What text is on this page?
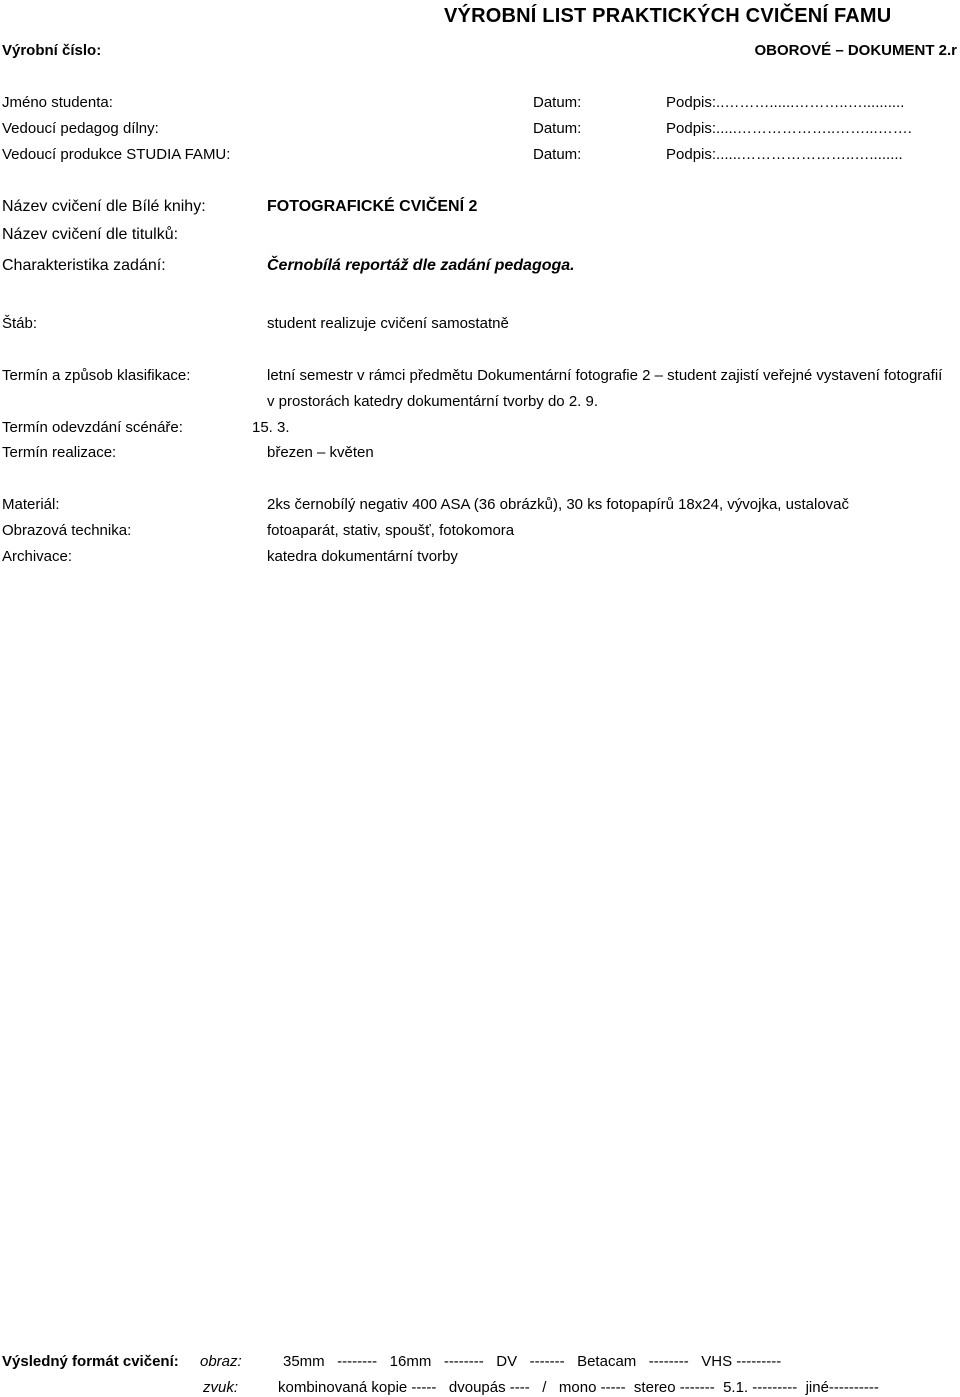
VÝROBNÍ LIST PRAKTICKÝCH CVIČENÍ FAMU
Výrobní číslo:	OBOROVÉ – DOKUMENT 2.r
Jméno studenta:	Datum:	Podpis:..………......………..…..........
Vedoucí pedagog dílny:	Datum:	Podpis:.....………………..……...…….
Vedoucí produkce STUDIA FAMU:	Datum:	Podpis:......…………………..…........
Název cvičení dle Bílé knihy:	FOTOGRAFICKÉ CVIČENÍ 2
Název cvičení dle titulků:
Charakteristika zadání:	Černobílá reportáž dle zadání pedagoga.
Štáb:	student realizuje cvičení samostatně
Termín a způsob klasifikace:	letní semestr v rámci předmětu Dokumentární fotografie 2 – student zajistí veřejné vystavení fotografií
v prostorách katedry dokumentární tvorby do 2. 9.
Termín odevzdání scénáře:	15. 3.
Termín realizace:	březen – květen
Materiál:	2ks černobílý negativ 400 ASA (36 obrázků), 30 ks fotopapírů 18x24, vývojka, ustalovač
Obrazová technika:	fotoaparát, stativ, spoušť, fotokomora
Archivace:	katedra dokumentární tvorby
Výsledný formát cvičení: obraz:	35mm   --------   16mm   --------   DV   -------   Betacam   --------   VHS ---------
zvuk:	kombinovaná kopie -----   dvoupás ----   /   mono -----  stereo -------  5.1. ---------  jiné----------
